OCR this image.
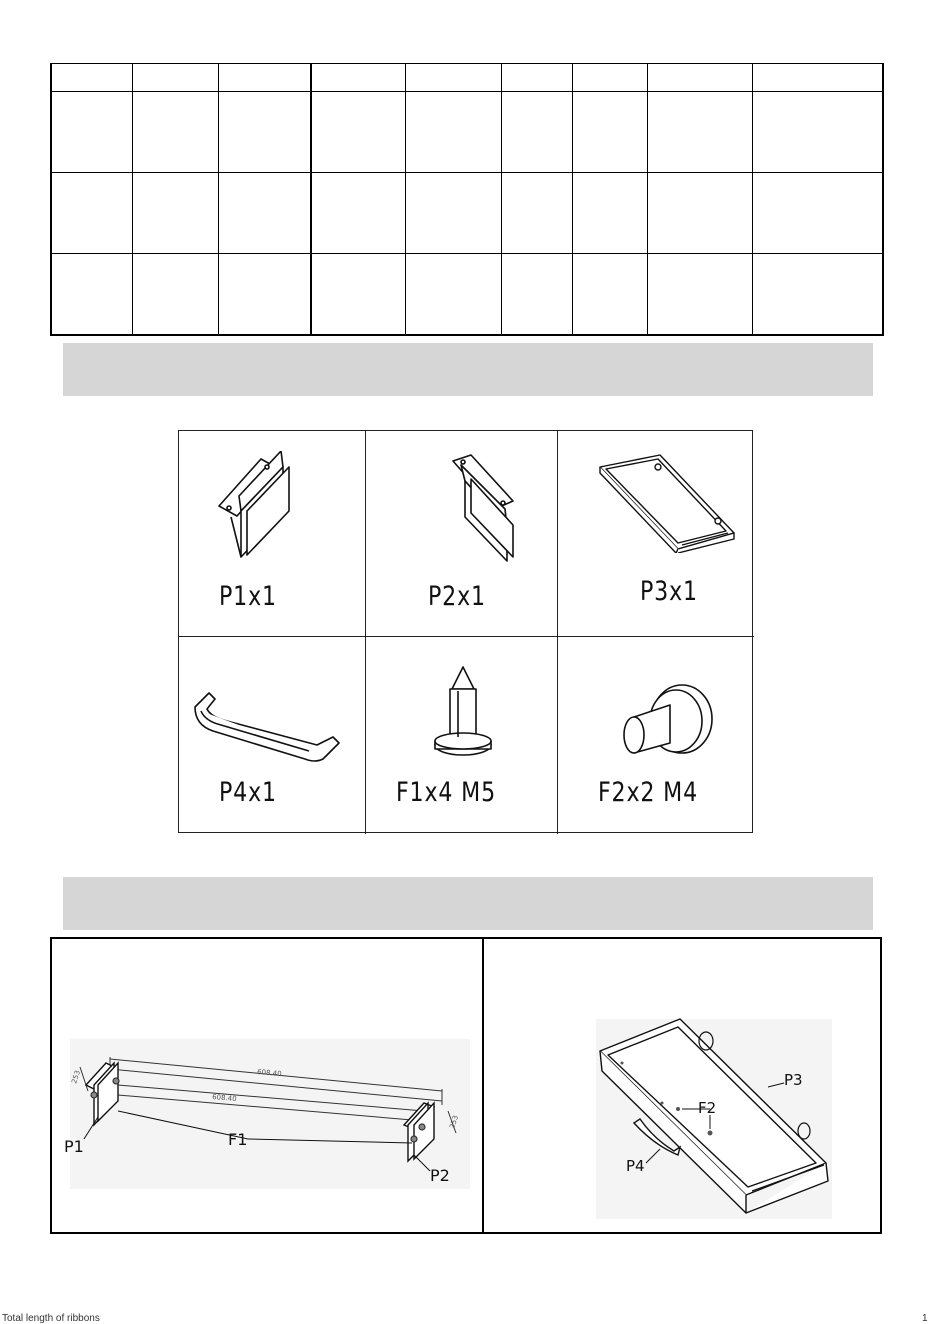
P1x1	P2x1	P3x1
P4x1	F1x4 M5	F2x2 M4
608.40
608.40
253
253
P1	F1
P2
P3
F2
P4
Total length of ribbons	1
